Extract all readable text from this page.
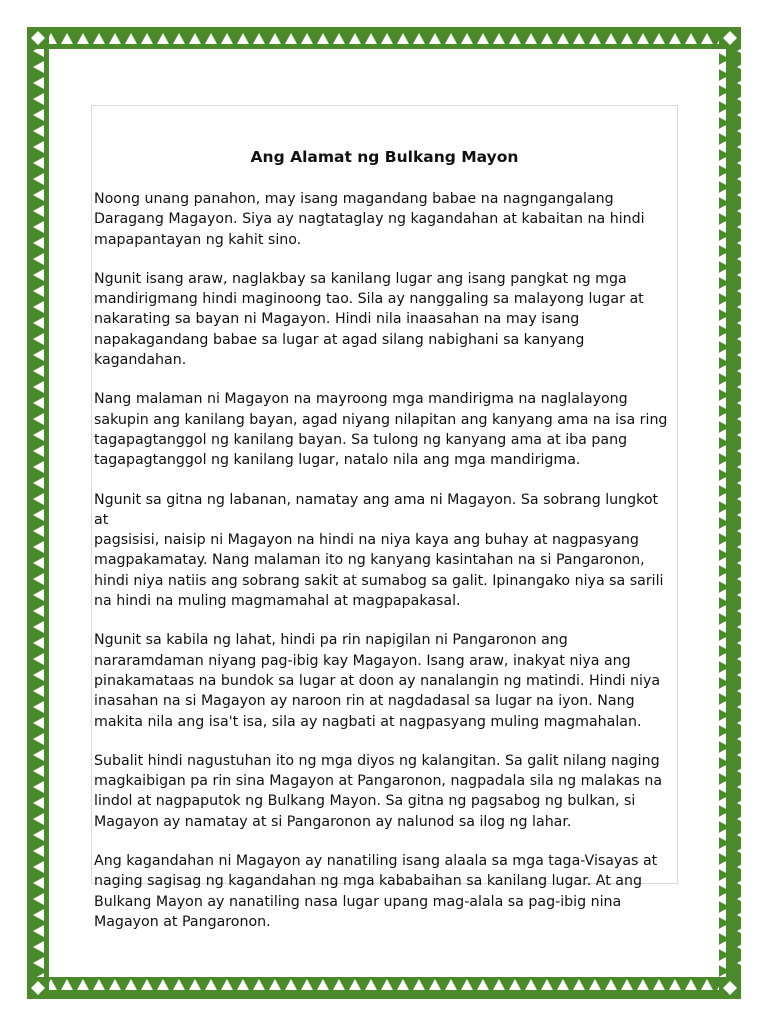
Ang Alamat ng Bulkang Mayon

Noong unang panahon, may isang magandang babae na nagngangalang
Daragang Magayon. Siya ay nagtataglay ng kagandahan at kabaitan na hindi
mapapantayan ng kahit sino.

Ngunit isang araw, naglakbay sa kanilang lugar ang isang pangkat ng mga
mandirigmang hindi maginoong tao. Sila ay nanggaling sa malayong lugar at
nakarating sa bayan ni Magayon. Hindi nila inaasahan na may isang
napakagandang babae sa lugar at agad silang nabighani sa kanyang kagandahan.

Nang malaman ni Magayon na mayroong mga mandirigma na naglalayong
sakupin ang kanilang bayan, agad niyang nilapitan ang kanyang ama na isa ring
tagapagtanggol ng kanilang bayan. Sa tulong ng kanyang ama at iba pang
tagapagtanggol ng kanilang lugar, natalo nila ang mga mandirigma.

Ngunit sa gitna ng labanan, namatay ang ama ni Magayon. Sa sobrang lungkot at
pagsisisi, naisip ni Magayon na hindi na niya kaya ang buhay at nagpasyang
magpakamatay. Nang malaman ito ng kanyang kasintahan na si Pangaronon,
hindi niya natiis ang sobrang sakit at sumabog sa galit. Ipinangako niya sa sarili
na hindi na muling magmamahal at magpapakasal.

Ngunit sa kabila ng lahat, hindi pa rin napigilan ni Pangaronon ang
nararamdaman niyang pag-ibig kay Magayon. Isang araw, inakyat niya ang
pinakamataas na bundok sa lugar at doon ay nanalangin ng matindi. Hindi niya
inasahan na si Magayon ay naroon rin at nagdadasal sa lugar na iyon. Nang
makita nila ang isa't isa, sila ay nagbati at nagpasyang muling magmahalan.

Subalit hindi nagustuhan ito ng mga diyos ng kalangitan. Sa galit nilang naging
magkaibigan pa rin sina Magayon at Pangaronon, nagpadala sila ng malakas na
lindol at nagpaputok ng Bulkang Mayon. Sa gitna ng pagsabog ng bulkan, si
Magayon ay namatay at si Pangaronon ay nalunod sa ilog ng lahar.

Ang kagandahan ni Magayon ay nanatiling isang alaala sa mga taga-Visayas at
naging sagisag ng kagandahan ng mga kababaihan sa kanilang lugar. At ang
Bulkang Mayon ay nanatiling nasa lugar upang mag-alala sa pag-ibig nina
Magayon at Pangaronon.
